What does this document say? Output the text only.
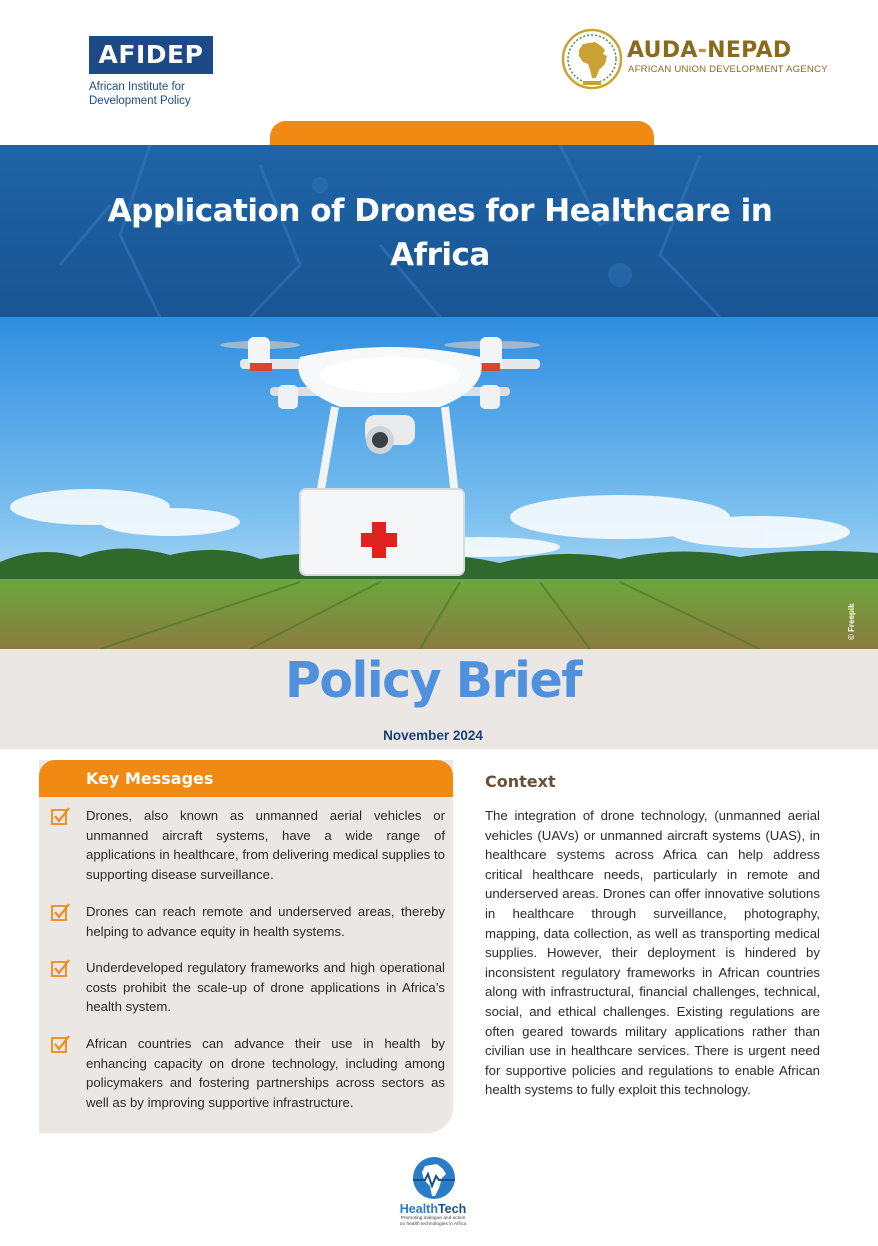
AFIDEP
African Institute for
Development Policy
AUDA-NEPAD
AFRICAN UNION DEVELOPMENT AGENCY
Application of Drones for Healthcare in
Africa
© Freepik
Policy Brief
November 2024
Key Messages
Drones, also known as unmanned aerial vehicles or unmanned aircraft systems, have a wide range of applications in healthcare, from delivering medical supplies to supporting disease surveillance.
Drones can reach remote and underserved areas, thereby helping to advance equity in health systems.
Underdeveloped regulatory frameworks and high operational costs prohibit the scale-up of drone applications in Africa’s health system.
African countries can advance their use in health by enhancing capacity on drone technology, including among policymakers and fostering partnerships across sectors as well as by improving supportive infrastructure.
Context
The integration of drone technology, (unmanned aerial vehicles (UAVs) or unmanned aircraft systems (UAS), in healthcare systems across Africa can help address critical healthcare needs, particularly in remote and underserved areas. Drones can offer innovative solutions in healthcare through surveillance, photography, mapping, data collection, as well as transporting medical supplies. However, their deployment is hindered by inconsistent regulatory frameworks in African countries along with infrastructural, financial challenges, technical, social, and ethical challenges. Existing regulations are often geared towards military applications rather than civilian use in healthcare services. There is urgent need for supportive policies and regulations to enable African health systems to fully exploit this technology.
HealthTech
Promoting dialogue and action
on health technologies in Africa
